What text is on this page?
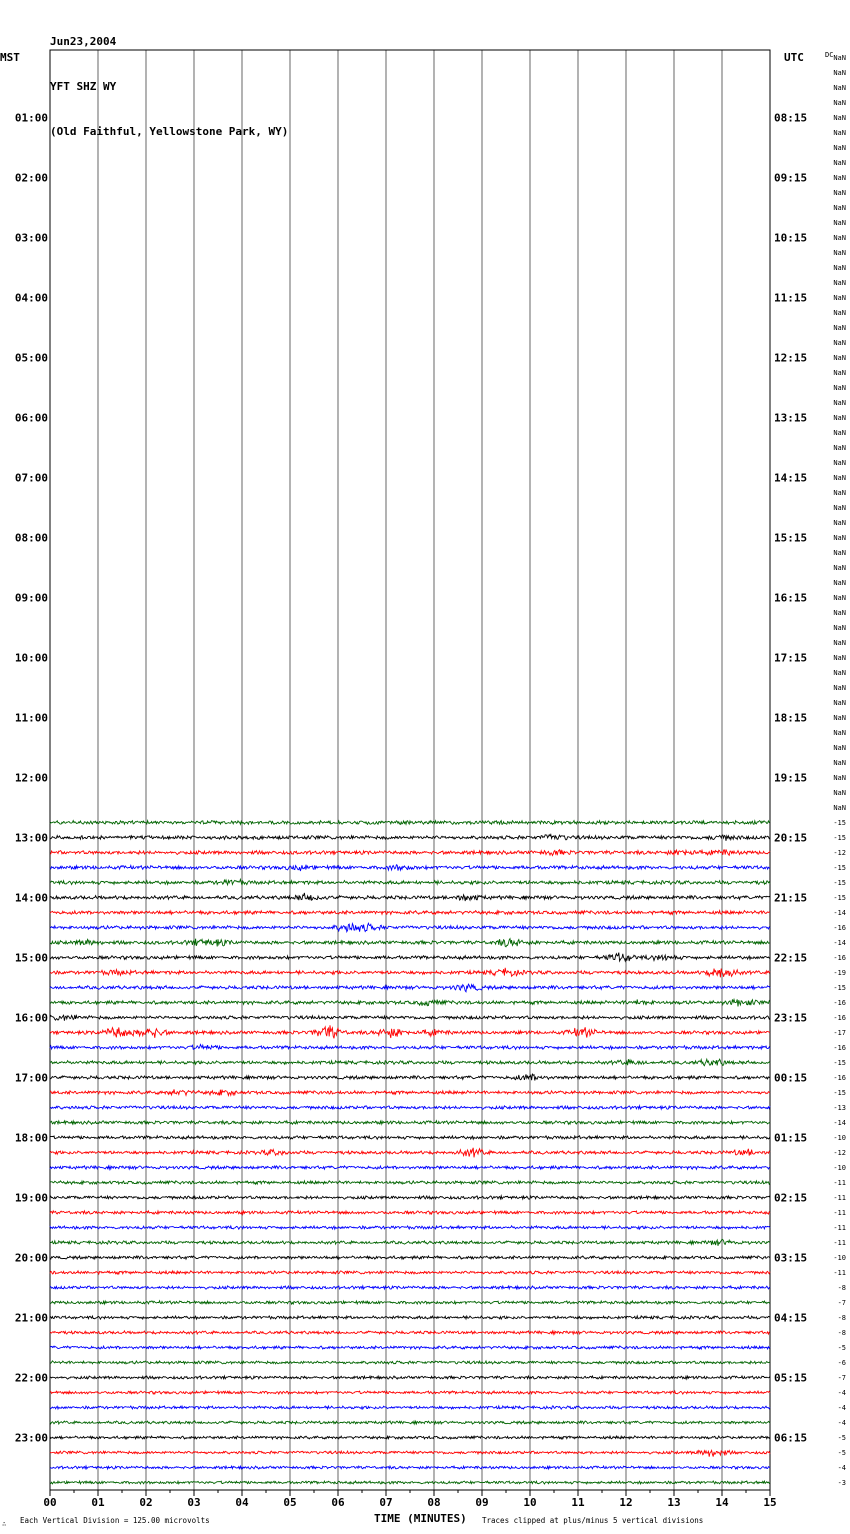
Jun23,2004

YFT SHZ WY

(Old Faithful, Yellowstone Park, WY)

MST	UTC	DC
01:00
02:00
03:00
04:00
05:00
06:00
07:00
08:00
09:00
10:00
11:00
12:00
13:00
14:00
15:00
16:00
17:00
18:00
19:00
20:00
21:00
22:00
23:00
08:15
09:15
10:15
11:15
12:15
13:15
14:15
15:15
16:15
17:15
18:15
19:15
20:15
21:15
22:15
23:15
00:15
01:15
02:15
03:15
04:15
05:15
06:15
NaN
NaN
NaN
NaN
NaN
NaN
NaN
NaN
NaN
NaN
NaN
NaN
NaN
NaN
NaN
NaN
NaN
NaN
NaN
NaN
NaN
NaN
NaN
NaN
NaN
NaN
NaN
NaN
NaN
NaN
NaN
NaN
NaN
NaN
NaN
NaN
NaN
NaN
NaN
NaN
NaN
NaN
NaN
NaN
NaN
NaN
NaN
NaN
NaN
NaN
NaN
-15
-15
-12
-15
-15
-15
-14
-16
-14
-16
-19
-15
-16
-16
-17
-16
-15
-16
-15
-13
-14
-10
-12
-10
-11
-11
-11
-11
-11
-10
-11
-8
-7
-8
-8
-5
-6
-7
-4
-4
-4
-5
-5
-4
-3
00	01	02	03	04	05	06	07	08	09	10	11	12	13	14	15
TIME (MINUTES)
Each Vertical Division = 125.00 microvolts	Traces clipped at plus/minus 5 vertical divisions
∴
